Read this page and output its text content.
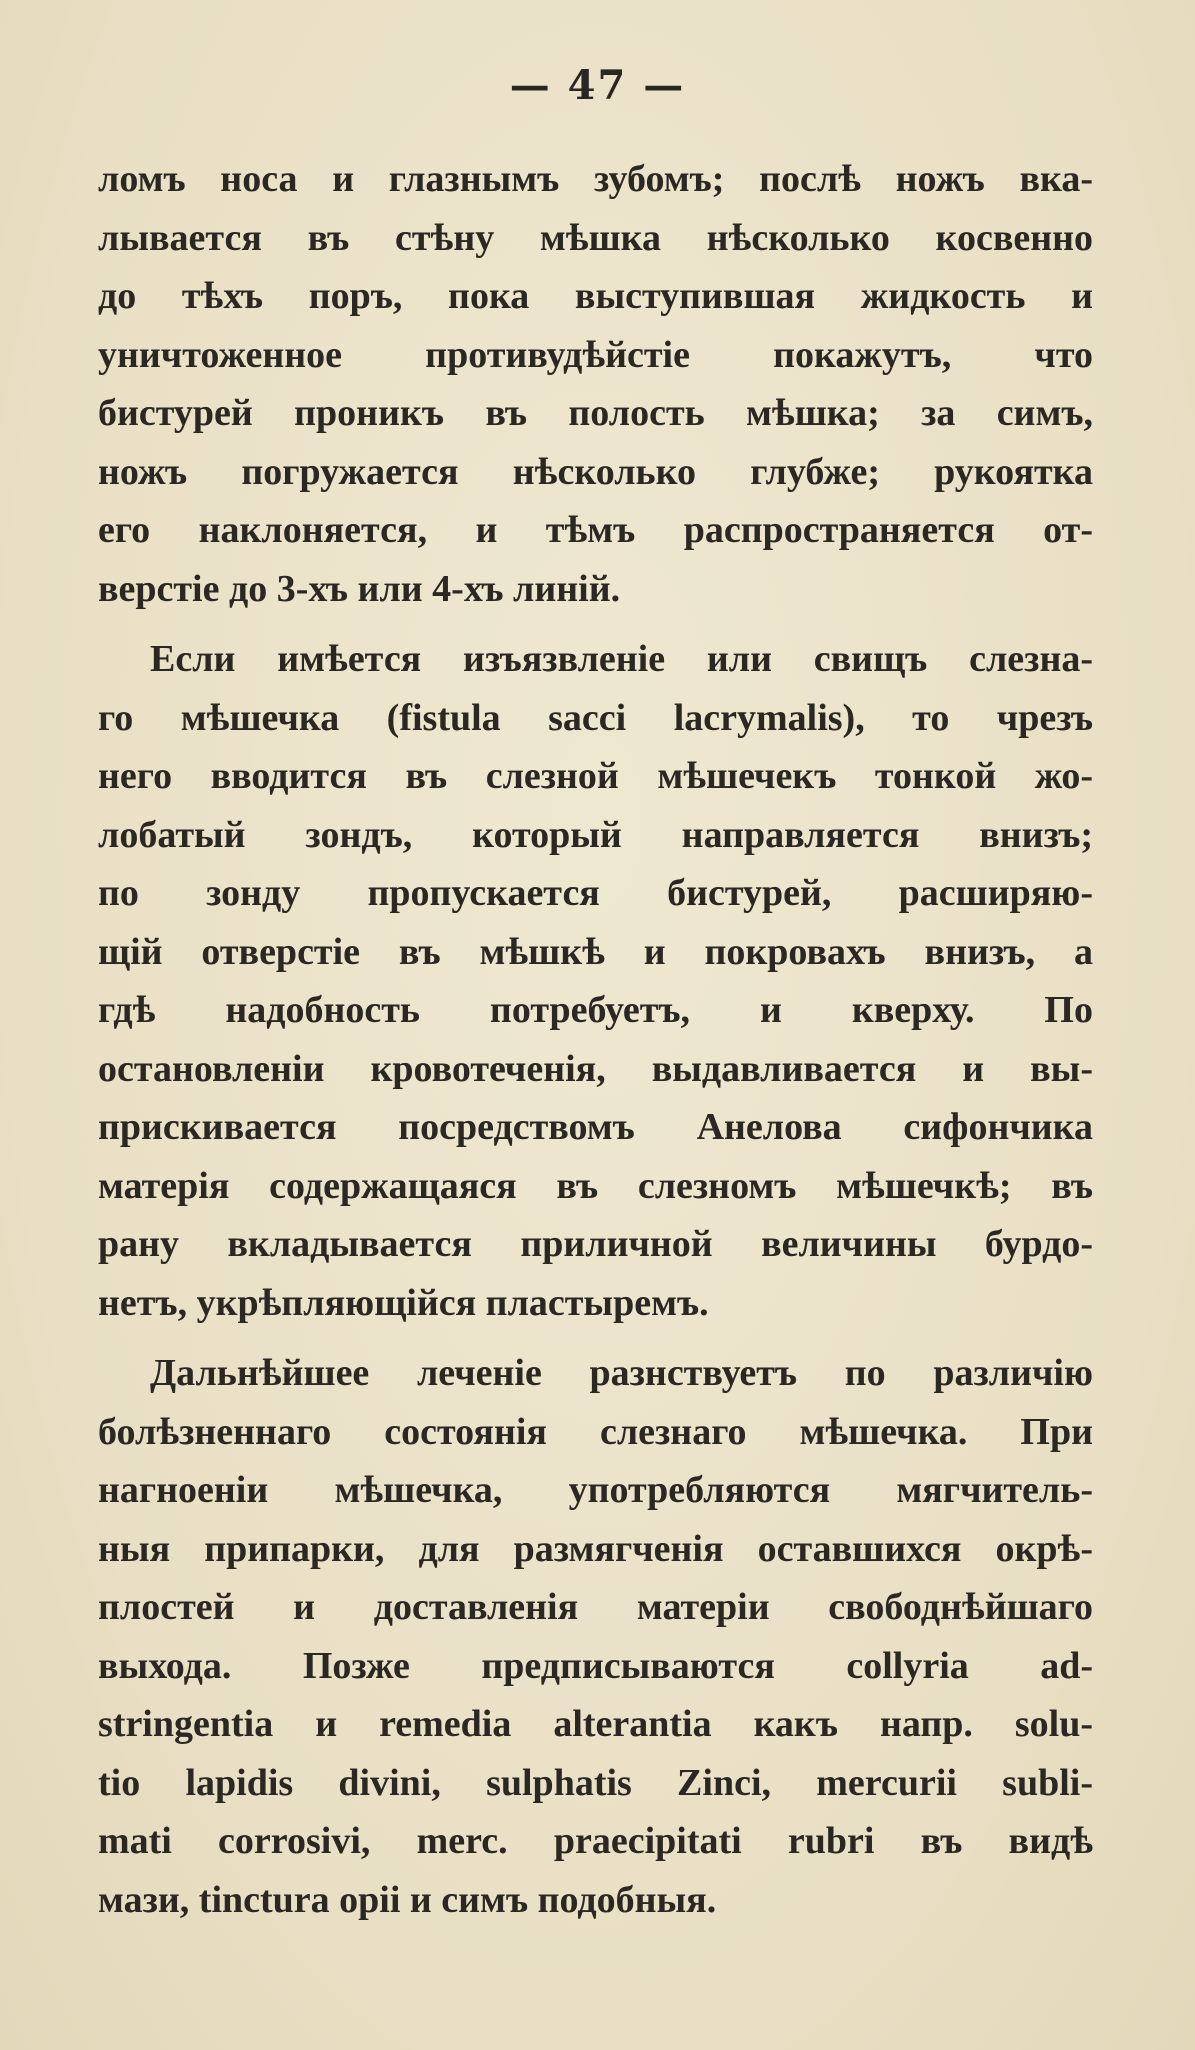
— 47 —
ломъ носа и глазнымъ зубомъ; послѣ ножъ вка-
лывается въ стѣну мѣшка нѣсколько косвенно
до тѣхъ поръ, пока выступившая жидкость и
уничтоженное противудѣйстіе покажутъ, что
бистурей проникъ въ полость мѣшка; за симъ,
ножъ погружается нѣсколько глубже; рукоятка
его наклоняется, и тѣмъ распространяется от-
верстіе до 3-хъ или 4-хъ линій.
Если имѣется изъязвленіе или свищъ слезна-
го мѣшечка (fistula sacci lacrymalis), то чрезъ
него вводится въ слезной мѣшечекъ тонкой жо-
лобатый зондъ, который направляется внизъ;
по зонду пропускается бистурей, расширяю-
щій отверстіе въ мѣшкѣ и покровахъ внизъ, а
гдѣ надобность потребуетъ, и кверху. По
остановленіи кровотеченія, выдавливается и вы-
прискивается посредствомъ Анелова сифончика
матерія содержащаяся въ слезномъ мѣшечкѣ; въ
рану вкладывается приличной величины бурдо-
нетъ, укрѣпляющійся пластыремъ.
Дальнѣйшее леченіе разнствуетъ по различію
болѣзненнаго состоянія слезнаго мѣшечка. При
нагноеніи мѣшечка, употребляются мягчитель-
ныя припарки, для размягченія оставшихся окрѣ-
плостей и доставленія матеріи свободнѣйшаго
выхода. Позже предписываются collyria ad-
stringentia и remedia alterantia какъ напр. solu-
tio lapidis divini, sulphatis Zinci, mercurii subli-
mati corrosivi, merc. praecipitati rubri въ видѣ
мази, tinctura opii и симъ подобныя.
